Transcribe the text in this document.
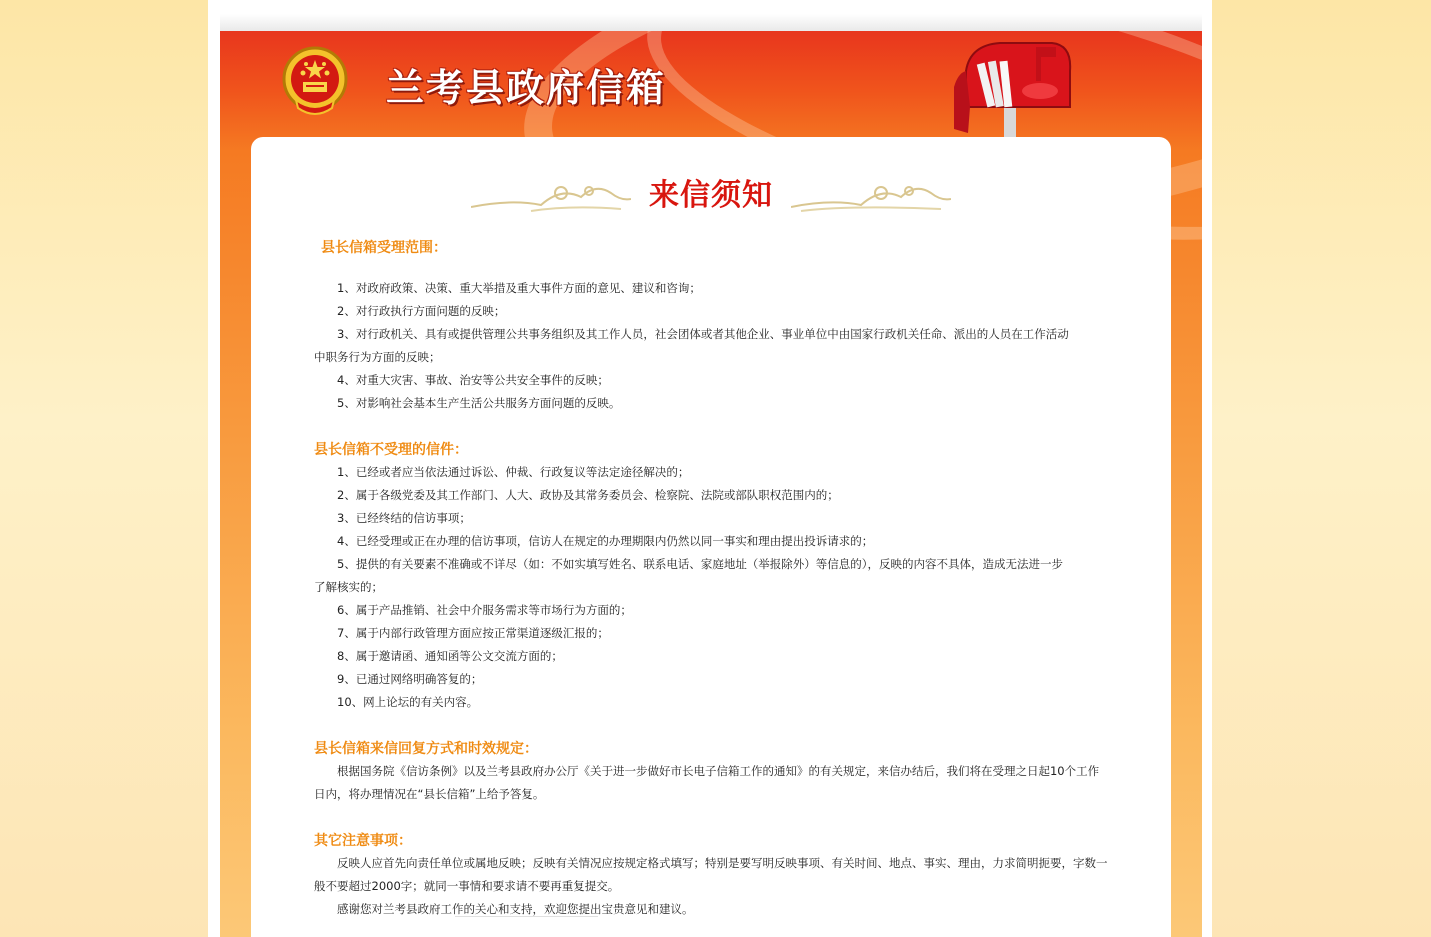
兰考县政府信箱
来信须知
县长信箱受理范围：

1、对政府政策、决策、重大举措及重大事件方面的意见、建议和咨询；

2、对行政执行方面问题的反映；

3、对行政机关、具有或提供管理公共事务组织及其工作人员，社会团体或者其他企业、事业单位中由国家行政机关任命、派出的人员在工作活动

中职务行为方面的反映；

4、对重大灾害、事故、治安等公共安全事件的反映；

5、对影响社会基本生产生活公共服务方面问题的反映。

县长信箱不受理的信件：

1、已经或者应当依法通过诉讼、仲裁、行政复议等法定途径解决的；

2、属于各级党委及其工作部门、人大、政协及其常务委员会、检察院、法院或部队职权范围内的；

3、已经终结的信访事项；

4、已经受理或正在办理的信访事项，信访人在规定的办理期限内仍然以同一事实和理由提出投诉请求的；

5、提供的有关要素不准确或不详尽（如：不如实填写姓名、联系电话、家庭地址（举报除外）等信息的），反映的内容不具体，造成无法进一步

了解核实的；

6、属于产品推销、社会中介服务需求等市场行为方面的；

7、属于内部行政管理方面应按正常渠道逐级汇报的；

8、属于邀请函、通知函等公文交流方面的；

9、已通过网络明确答复的；

10、网上论坛的有关内容。

县长信箱来信回复方式和时效规定：

根据国务院《信访条例》以及兰考县政府办公厅《关于进一步做好市长电子信箱工作的通知》的有关规定，来信办结后，我们将在受理之日起10个工作日内，将办理情况在“县长信箱”上给予答复。

其它注意事项：

反映人应首先向责任单位或属地反映；反映有关情况应按规定格式填写；特别是要写明反映事项、有关时间、地点、事实、理由，力求简明扼要，字数一般不要超过2000字；就同一事情和要求请不要再重复提交。

感谢您对兰考县政府工作的关心和支持，欢迎您提出宝贵意见和建议。
